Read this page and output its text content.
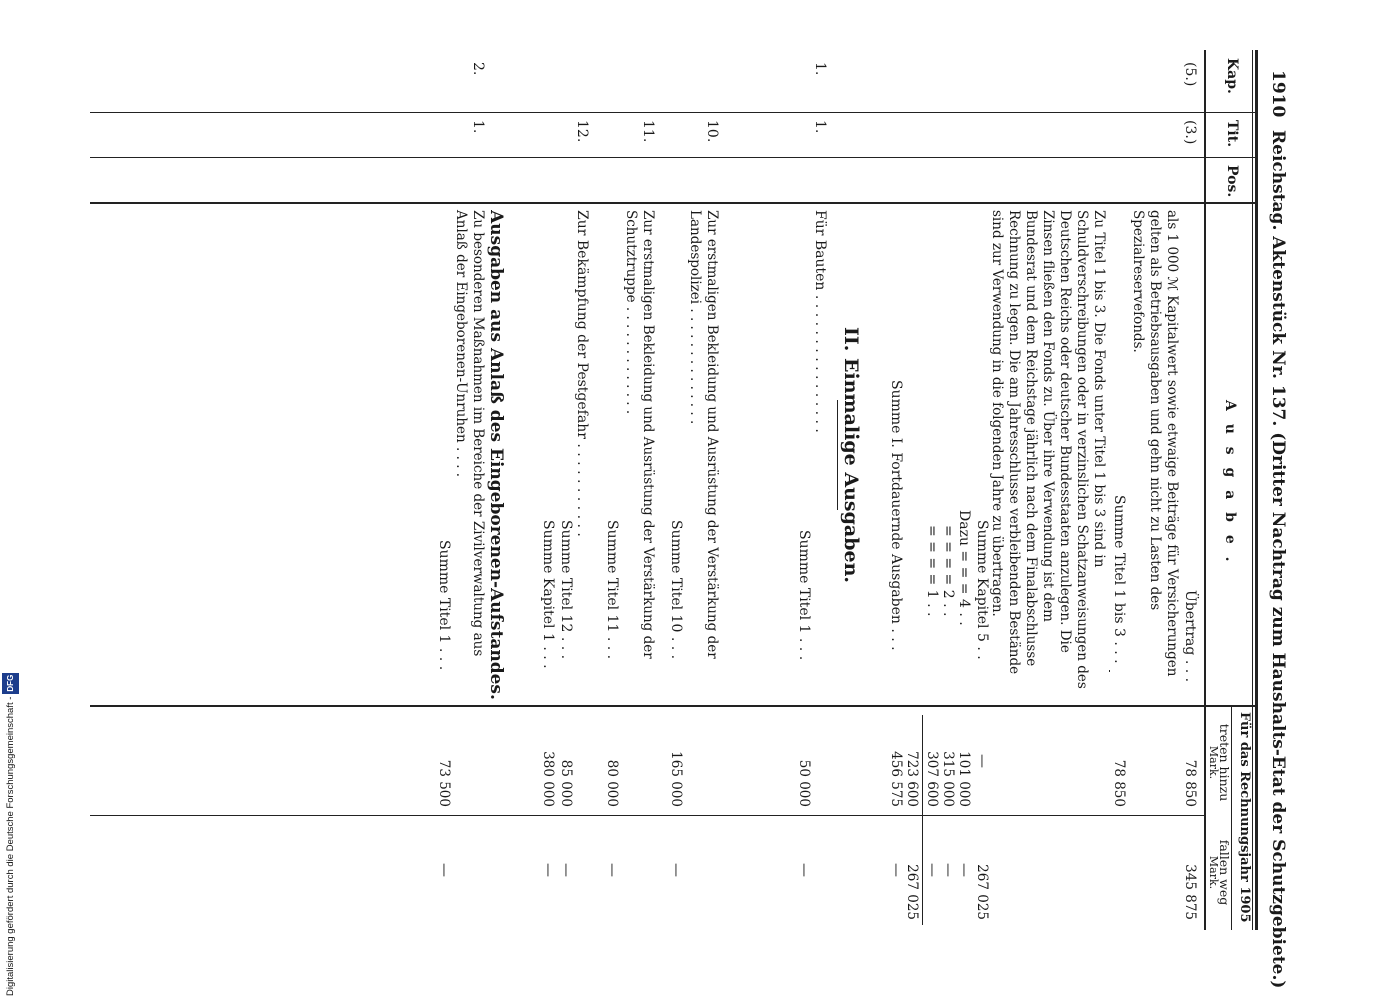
Digitalisierung gefördert durch die Deutsche Forschungsgemeinschaft -DFG
1910
Reichstag. Aktenstück Nr. 137. (Dritter Nachtrag zum Haushalts-Etat der Schutzgebiete.)
Kap.
Tit.
Pos.
A u s g a b e .
Für das Rechnungsjahr 1905
treten hinzu
Mark.
fallen weg
Mark.
(5.)
(3.)
Übertrag . . .
78 850
345 875
als 1 000 ℳ Kapitalwert sowie etwaige Beiträge für Versicherungen gelten als Betriebsausgaben und gehn nicht zu Lasten des Spezialreservefonds.
Summe Titel 1 bis 3 . . .
78 850
Zu Titel 1 bis 3. Die Fonds unter Titel 1 bis 3 sind in Schuldverschreibungen oder in verzinslichen Schatzanweisungen des Deutschen Reichs oder deutscher Bundesstaaten anzulegen. Die Zinsen fließen den Fonds zu. Über ihre Verwendung ist dem Bundesrat und dem Reichstage jährlich nach dem Finalabschlusse Rechnung zu legen. Die am Jahresschlusse verbleibenden Bestände sind zur Verwendung in die folgenden Jahre zu übertragen.
Summe Kapitel 5 . .
—
267 025
Dazu = = = 4 . .
101 000
—
= = = = 2 . .
315 000
—
= = = = 1 . .
307 600
—
723 600
267 025
Summe I. Fortdauernde Ausgaben . . .
456 575
—
II. Einmalige Ausgaben.
1.
1.
Für Bauten . . . . . . . . . . . . . . . .
Summe Titel 1 . . .
50 000
—
10.
Zur erstmaligen Bekleidung und Ausrüstung der Verstärkung der Landespolizei . . . . . . . . . . . . . .
Summe Titel 10 . . .
165 000
—
11.
Zur erstmaligen Bekleidung und Ausrüstung der Verstärkung der Schutztruppe . . . . . . . . . . . . .
Summe Titel 11 . . .
80 000
—
12.
Zur Bekämpfung der Pestgefahr . . . . . . . . . . .
Summe Titel 12 . . .
85 000
—
Summe Kapitel 1 . . .
380 000
—
Ausgaben aus Anlaß des Eingeborenen-Aufstandes.
2.
1.
Zu besonderen Maßnahmen im Bereiche der Zivilverwaltung aus Anlaß der Eingeborenen-Unruhen . . . .
Summe Titel 1 . . .
73 500
—
